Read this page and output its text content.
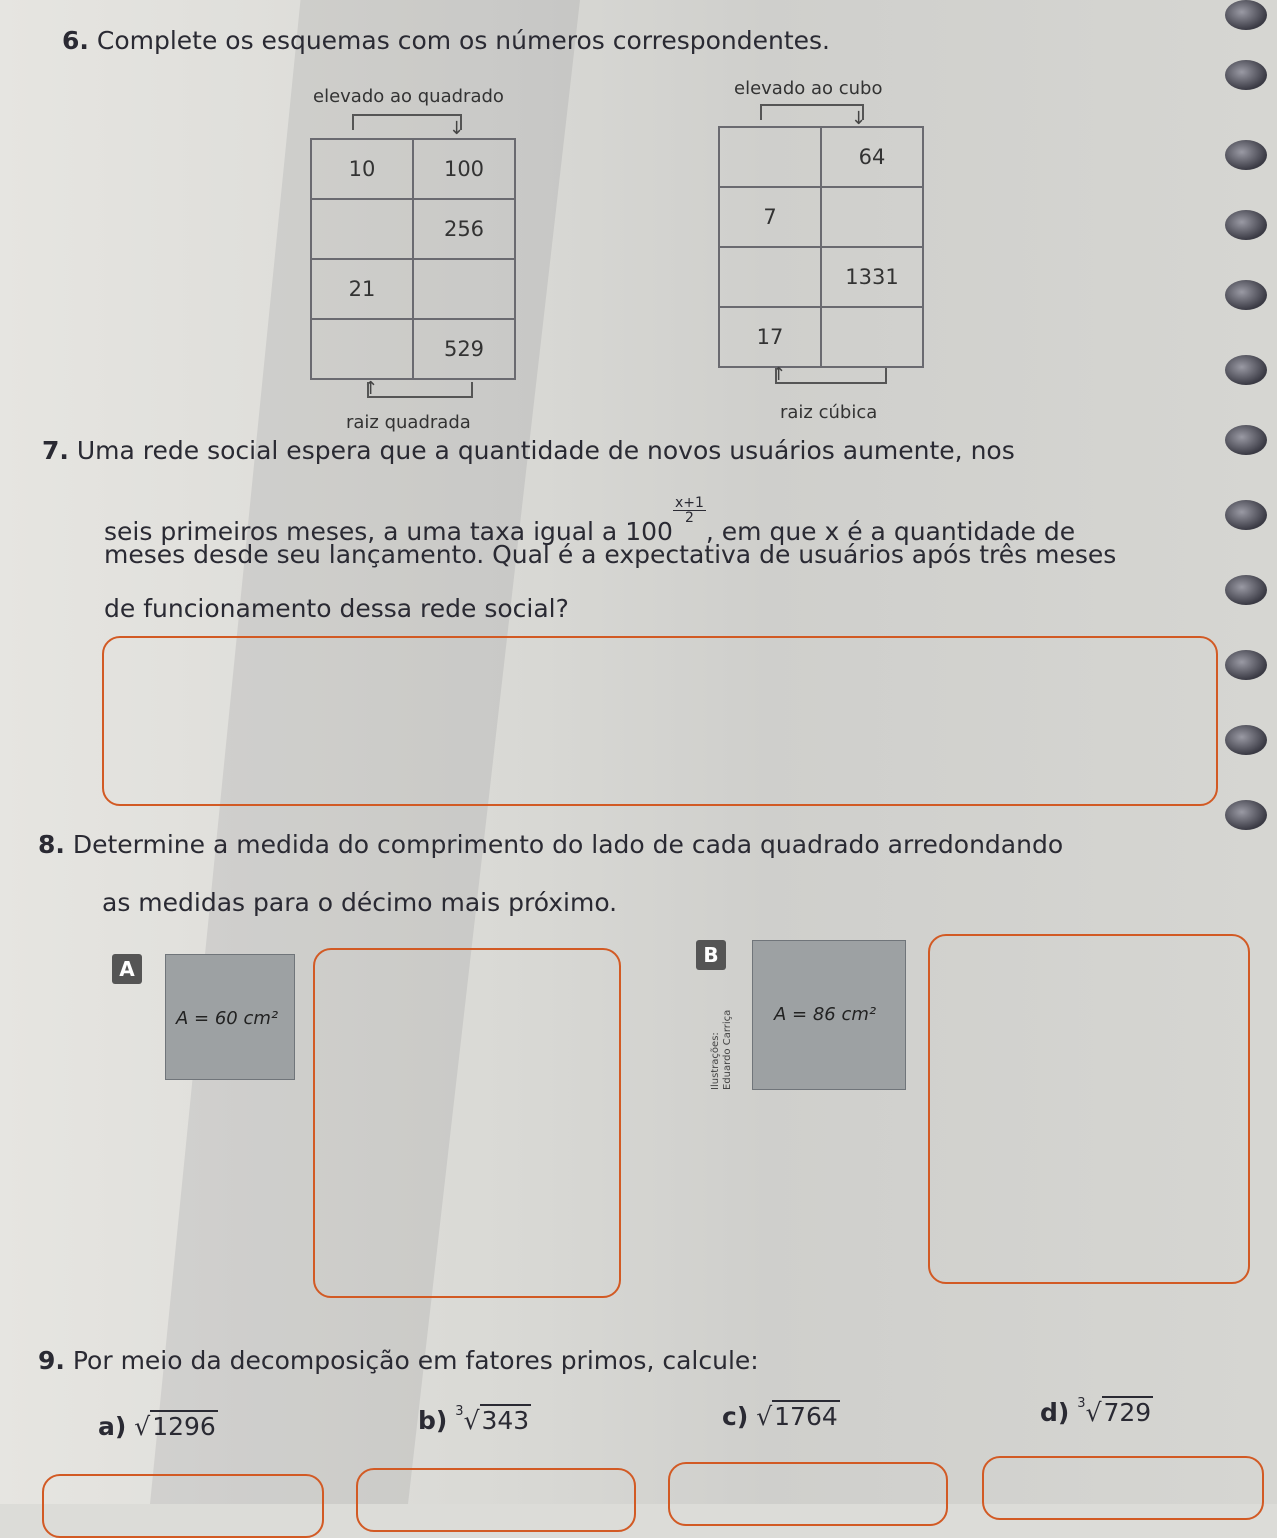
6. Complete os esquemas com os números correspondentes.
elevado ao quadrado
↓
10	100
	256
21	
	529
↑
raiz quadrada
elevado ao cubo
↓
	64
7	
	1331
17	
↑
raiz cúbica
7. Uma rede social espera que a quantidade de novos usuários aumente, nos
seis primeiros meses, a uma taxa igual a 100
$\frac{x+1}{2}$
, em que x é a quantidade de
meses desde seu lançamento. Qual é a expectativa de usuários após três meses
de funcionamento dessa rede social?
8. Determine a medida do comprimento do lado de cada quadrado arredondando
as medidas para o décimo mais próximo.
A
A = 60 cm²
B
Ilustrações: Eduardo Carriça A = 86 cm²
9. Por meio da decomposição em fatores primos, calcule:
a) √1296	b) $^3$√343	c) √1764	d) $^3$√729
